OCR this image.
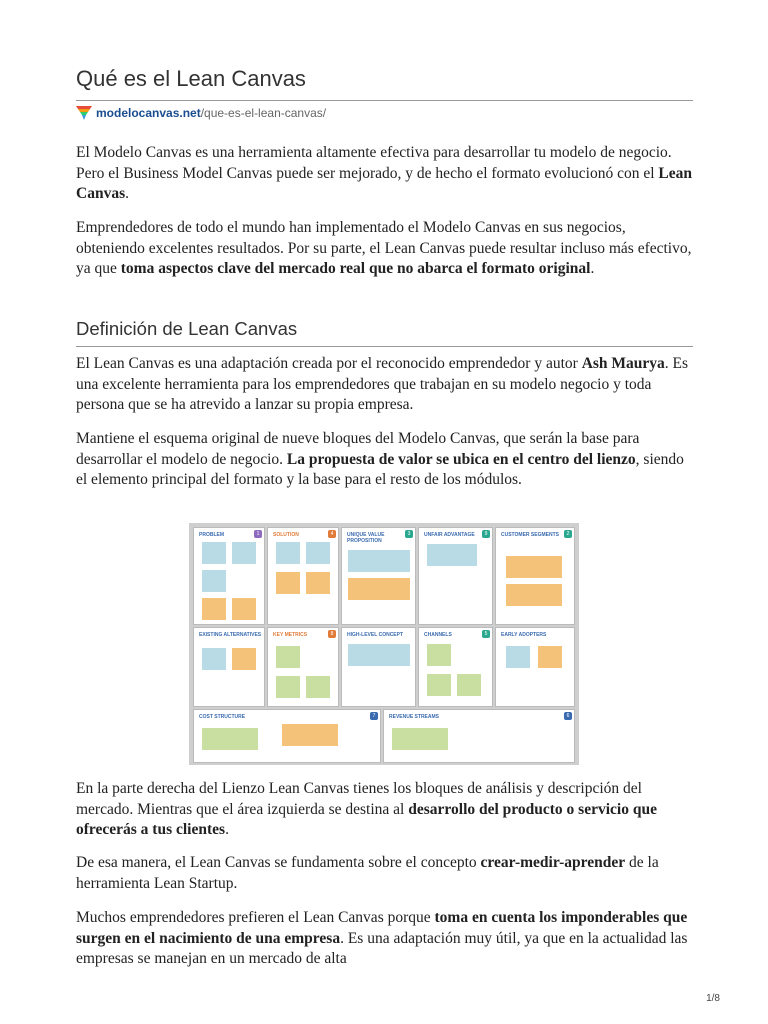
Qué es el Lean Canvas
modelocanvas.net /que-es-el-lean-canvas/

El Modelo Canvas es una herramienta altamente efectiva para desarrollar tu modelo de negocio. Pero el Business Model Canvas puede ser mejorado, y de hecho el formato evolucionó con el Lean Canvas.

Emprendedores de todo el mundo han implementado el Modelo Canvas en sus negocios, obteniendo excelentes resultados. Por su parte, el Lean Canvas puede resultar incluso más efectivo, ya que toma aspectos clave del mercado real que no abarca el formato original.

Definición de Lean Canvas

El Lean Canvas es una adaptación creada por el reconocido emprendedor y autor Ash Maurya. Es una excelente herramienta para los emprendedores que trabajan en su modelo negocio y toda persona que se ha atrevido a lanzar su propia empresa.

Mantiene el esquema original de nueve bloques del Modelo Canvas, que serán la base para desarrollar el modelo de negocio. La propuesta de valor se ubica en el centro del lienzo, siendo el elemento principal del formato y la base para el resto de los módulos.

PROBLEM	1
EXISTING ALTERNATIVES
SOLUTION	4
KEY METRICS	8
UNIQUE VALUE PROPOSITION
3
HIGH-LEVEL CONCEPT
UNFAIR ADVANTAGE	9
CHANNELS	5
CUSTOMER SEGMENTS	2
EARLY ADOPTERS
COST STRUCTURE	7	REVENUE STREAMS	6

En la parte derecha del Lienzo Lean Canvas tienes los bloques de análisis y descripción del mercado. Mientras que el área izquierda se destina al desarrollo del producto o servicio que ofrecerás a tus clientes.

De esa manera, el Lean Canvas se fundamenta sobre el concepto crear-medir-aprender de la herramienta Lean Startup.

Muchos emprendedores prefieren el Lean Canvas porque toma en cuenta los imponderables que surgen en el nacimiento de una empresa. Es una adaptación muy útil, ya que en la actualidad las empresas se manejan en un mercado de alta

1/8
